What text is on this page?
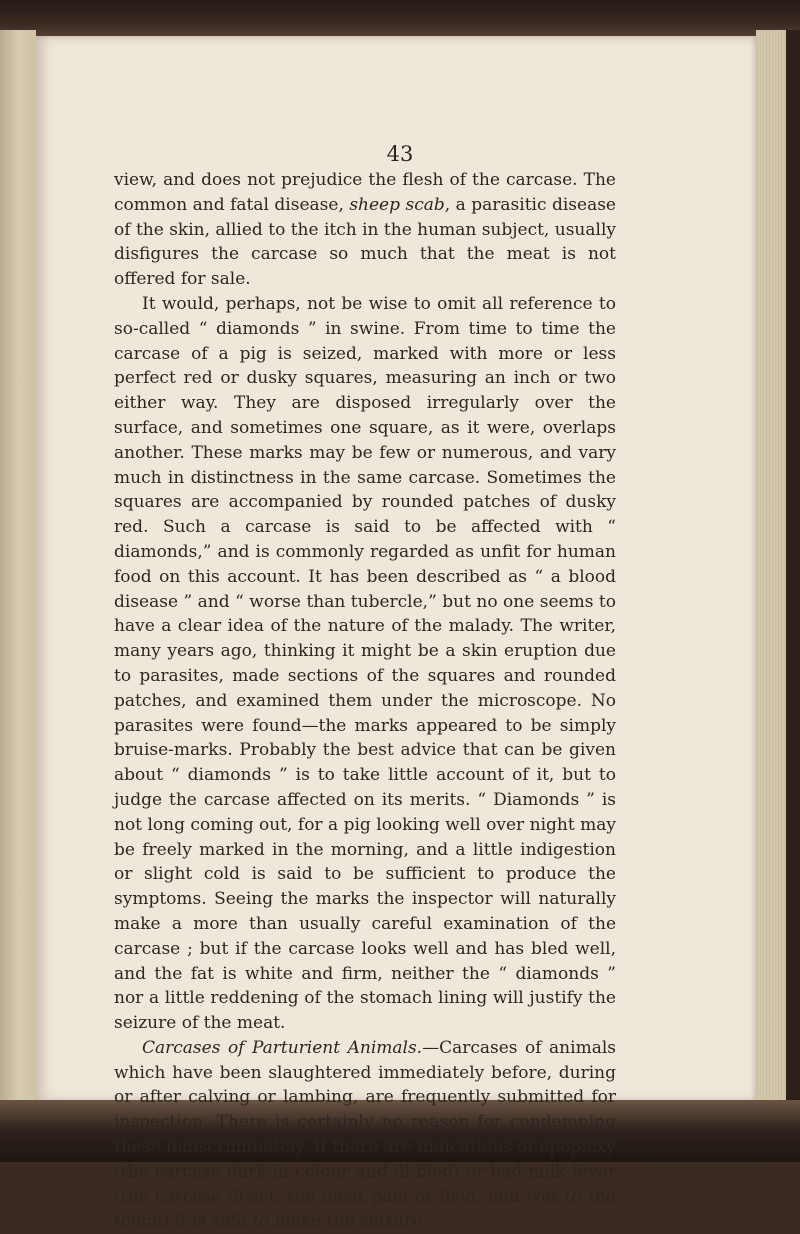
43

view, and does not prejudice the flesh of the carcase. The common and fatal disease, sheep scab, a parasitic disease of the skin, allied to the itch in the human subject, usually disfigures the carcase so much that the meat is not offered for sale.

It would, perhaps, not be wise to omit all reference to so-called “ diamonds ” in swine. From time to time the carcase of a pig is seized, marked with more or less perfect red or dusky squares, measuring an inch or two either way. They are disposed irregularly over the surface, and sometimes one square, as it were, overlaps another. These marks may be few or numerous, and vary much in distinctness in the same carcase. Sometimes the squares are accompanied by rounded patches of dusky red. Such a carcase is said to be affected with “ diamonds,” and is commonly regarded as unfit for human food on this account. It has been described as “ a blood disease ” and “ worse than tubercle,” but no one seems to have a clear idea of the nature of the malady. The writer, many years ago, thinking it might be a skin eruption due to parasites, made sections of the squares and rounded patches, and examined them under the microscope. No parasites were found—the marks appeared to be simply bruise-marks. Probably the best advice that can be given about “ diamonds ” is to take little account of it, but to judge the carcase affected on its merits. “ Diamonds ” is not long coming out, for a pig looking well over night may be freely marked in the morning, and a little indigestion or slight cold is said to be sufficient to produce the symptoms. Seeing the marks the inspector will naturally make a more than usually careful examination of the carcase ; but if the carcase looks well and has bled well, and the fat is white and firm, neither the “ diamonds ” nor a little reddening of the stomach lining will justify the seizure of the meat.

Carcases of Parturient Animals.—Carcases of animals which have been slaughtered immediately before, during or after calving or lambing, are frequently submitted for inspection. There is certainly no reason for condemning these indiscriminately. If there are indications of apoplexy (the carcase dark in colour and ill-bled) or bad milk fever (the carcase ill-set, the meat pale or livid, and wet to the touch) it is safe to make the seizure.
